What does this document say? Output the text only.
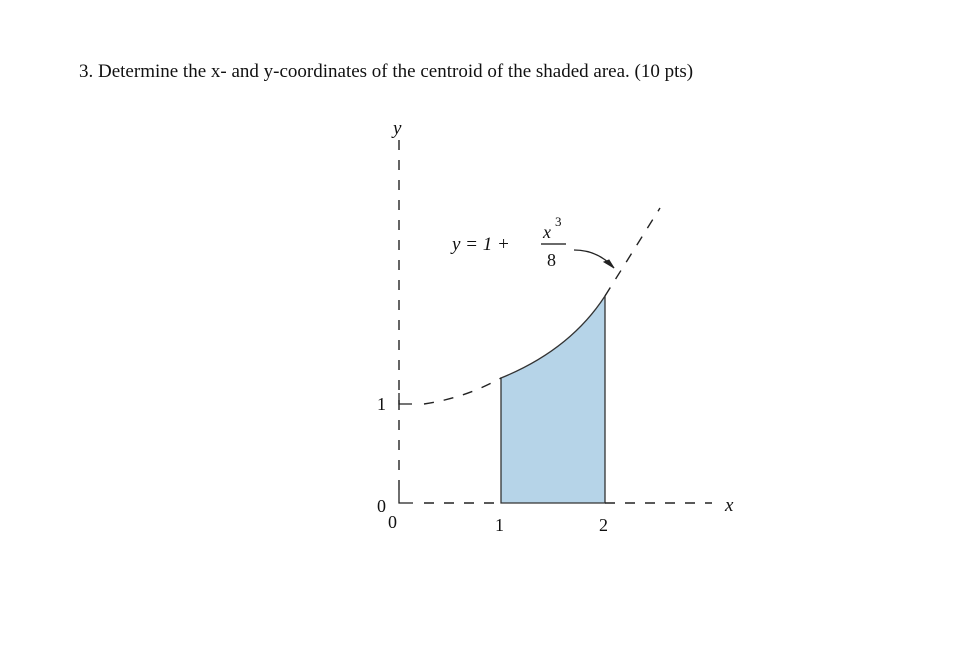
3. Determine the x- and y-coordinates of the centroid of the shaded area. (10 pts)
y
1
0
0	1	2
x
y = 1 +
x
3
8
